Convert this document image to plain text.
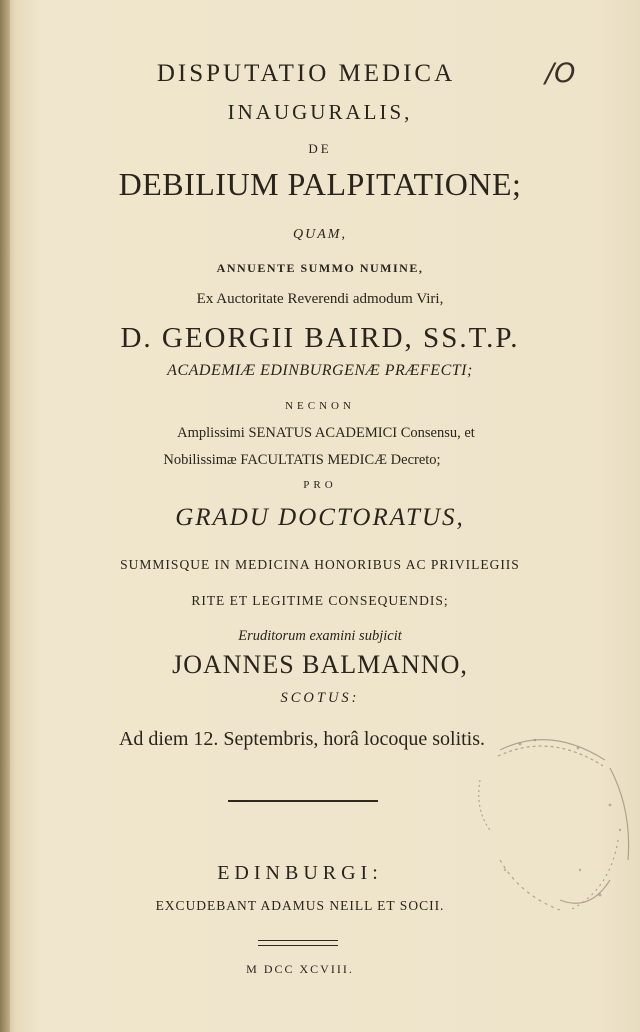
DISPUTATIO MEDICA	/O
INAUGURALIS,
DE
DEBILIUM PALPITATIONE;
QUAM,
ANNUENTE SUMMO NUMINE,
Ex Auctoritate Reverendi admodum Viri,
D. GEORGII BAIRD, SS.T.P.
ACADEMIÆ EDINBURGENÆ PRÆFECTI;
NECNON
Amplissimi SENATUS ACADEMICI Consensu, et
Nobilissimæ FACULTATIS MEDICÆ Decreto;
PRO
GRADU DOCTORATUS,
SUMMISQUE IN MEDICINA HONORIBUS AC PRIVILEGIIS
RITE ET LEGITIME CONSEQUENDIS;
Eruditorum examini subjicit
JOANNES BALMANNO,
SCOTUS:
Ad diem 12. Septembris, horâ locoque solitis.
EDINBURGI:
EXCUDEBANT ADAMUS NEILL ET SOCII.
M DCC XCVIII.
